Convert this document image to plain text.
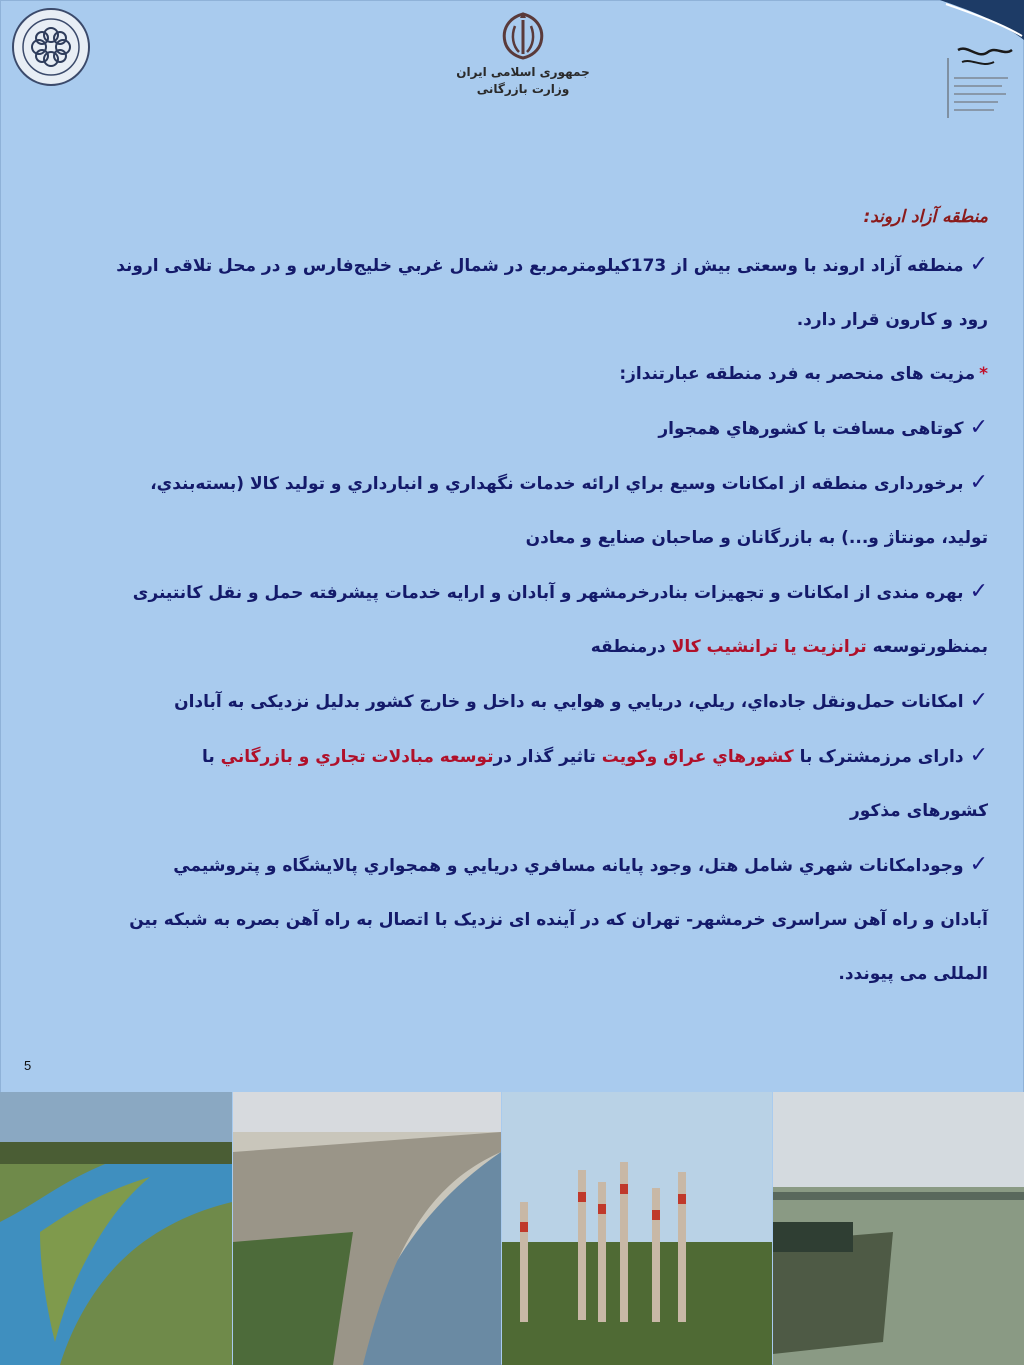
جمهوری اسلامی ایران
وزارت بازرگانی
منطقه آزاد اروند:
✓منطقه آزاد اروند با وسعتی بیش از 173کیلومترمربع در شمال غربي خلیج‌فارس و در محل تلاقی اروند
رود و کارون قرار دارد.
*مزیت های منحصر به فرد منطقه عبارتنداز:
✓کوتاهی مسافت با کشورهاي همجوار
✓برخورداری منطقه از امکانات وسیع براي ارائه خدمات نگهداري و انبارداري و تولید کالا (بسته‌بندي،
تولید، مونتاژ و...) به بازرگانان و صاحبان صنایع و معادن
✓بهره مندی از امکانات و تجهیزات بنادرخرمشهر و آبادان و ارایه خدمات پیشرفته حمل و نقل کانتینری
بمنظورتوسعه ترانزیت یا ترانشیب کالا درمنطقه
✓امکانات حمل‌ونقل جاده‌اي، ريلي، دريايي و هوايي به داخل و خارج کشور بدليل نزدیکی به آبادان
✓دارای مرزمشترک با کشورهاي عراق وکویت تاثیر گذار درتوسعه مبادلات تجاري و بازرگاني با
کشورهای مذکور
✓وجودامکانات شهري شامل هتل، وجود پایانه مسافري دريايي و همجواري پالايشگاه و پتروشيمي
آبادان و راه آهن سراسری خرمشهر- تهران که در آینده ای نزدیک با اتصال به راه آهن بصره به شبکه بین
المللی می پیوندد.
5
